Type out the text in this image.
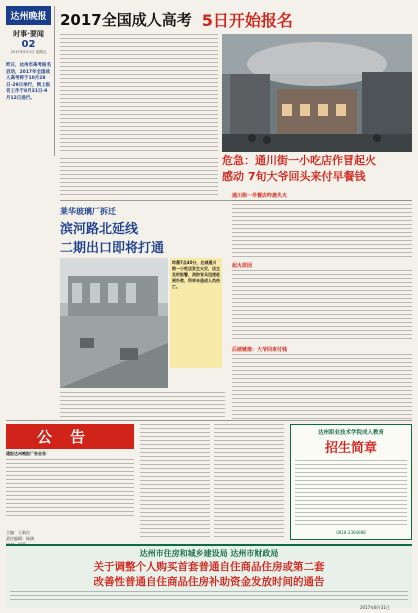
达州晚报
时事·要闻
02
2017年9月1日 星期五
昨日，达州市高考报名启动，2017年全国成人高考将于10月28日-29日举行，网上报名工作于8月31日-9月12日进行。
2017全国成人高考 5日开始报名
危急：通川街一小吃店作冒起火
感动 7旬大爷回头来付早餐钱
莱华玻璃厂拆迁
滨河路北延线
二期出口即将打通
昨晨7点40分，达城通川街一小吃店发生火灾，店主及时报警，消防官兵迅速赶到扑救，所幸未造成人员伤亡。
通川街一早餐店昨晨失火
起火原因
后续链接：大爷回来付钱
公告
通报达州晚报广告业务：
主编：王新民
责任编辑：杨满
达州职业技术学院成人教育
招生简章
0818-2364888
达州市住房和城乡建设局 达州市财政局
关于调整个人购买首套普通自住商品住房或第二套
改善性普通自住商品住房补助资金发放时间的通告
2017年8月31日
